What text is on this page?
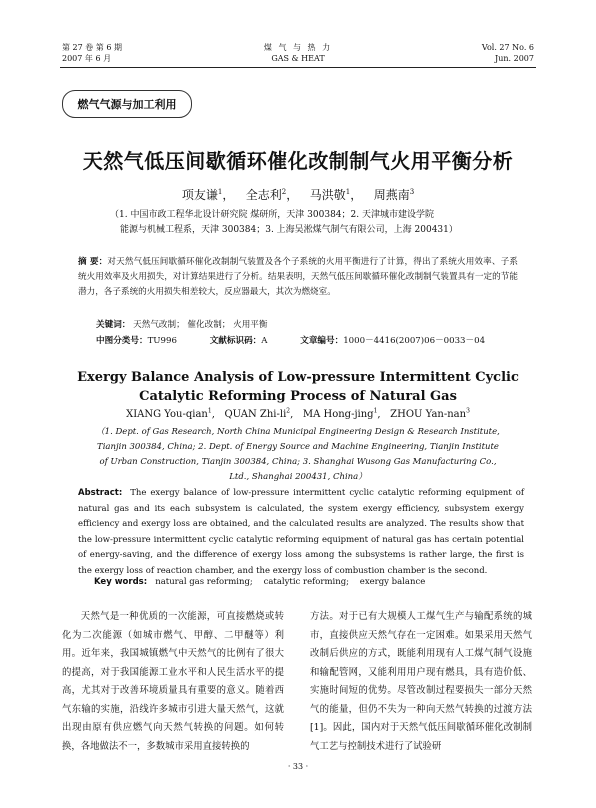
第 27 卷 第 6 期
2007 年 6 月
煤 气 与 热 力
GAS & HEAT
Vol. 27 No. 6
Jun. 2007
燃气气源与加工利用
天然气低压间歇循环催化改制制气火用平衡分析
项友谦$^1$，   全志利$^2$，   马洪敬$^1$，   周燕南$^3$
（1. 中国市政工程华北设计研究院 煤研所，天津 300384；2. 天津城市建设学院
能源与机械工程系，天津 300384；3. 上海吴淞煤气制气有限公司，上海 200431）
摘 要：对天然气低压间歇循环催化改制制气装置及各个子系统的火用平衡进行了计算，得出了系统火用效率、子系统火用效率及火用损失，对计算结果进行了分析。结果表明，天然气低压间歇循环催化改制制气装置具有一定的节能潜力，各子系统的火用损失相差较大，反应器最大，其次为燃烧室。
关键词： 天然气改制； 催化改制； 火用平衡
中图分类号：TU996	文献标识码：A	文章编号：1000－4416(2007)06－0033－04
Exergy Balance Analysis of Low-pressure Intermittent Cyclic Catalytic Reforming Process of Natural Gas
XIANG You-qian$^1$,   QUAN Zhi-$li^2$,   MA Hong-jing$^1$,   ZHOU Yan-nan$^3$
（1. Dept. of Gas Research, North China Municipal Engineering Design & Research Institute,
Tianjin 300384, China; 2. Dept. of Energy Source and Machine Engineering, Tianjin Institute
of Urban Construction, Tianjin 300384, China; 3. Shanghai Wusong Gas Manufacturing Co.,
Ltd., Shanghai 200431, China）
Abstract: The exergy balance of low-pressure intermittent cyclic catalytic reforming equipment of natural gas and its each subsystem is calculated, the system exergy efficiency, subsystem exergy efficiency and exergy loss are obtained, and the calculated results are analyzed. The results show that the low-pressure intermittent cyclic catalytic reforming equipment of natural gas has certain potential of energy-saving, and the difference of exergy loss among the subsystems is rather large, the first is the exergy loss of reaction chamber, and the exergy loss of combustion chamber is the second.
Key words: natural gas reforming;    catalytic reforming;    exergy balance
天然气是一种优质的一次能源，可直接燃烧或转化为二次能源（如城市燃气、甲醇、二甲醚等）利用。近年来，我国城镇燃气中天然气的比例有了很大的提高，对于我国能源工业水平和人民生活水平的提高，尤其对于改善环境质量具有重要的意义。随着西气东输的实施，沿线许多城市引进大量天然气，这就出现由原有供应燃气向天然气转换的问题。如何转换，各地做法不一，多数城市采用直接转换的
方法。对于已有大规模人工煤气生产与输配系统的城市，直接供应天然气存在一定困难。如果采用天然气改制后供应的方式，既能利用现有人工煤气制气设施和输配管网，又能利用用户现有燃具，具有造价低、实施时间短的优势。尽管改制过程要损失一部分天然气的能量，但仍不失为一种向天然气转换的过渡方法[1]。因此，国内对于天然气低压间歇循环催化改制制气工艺与控制技术进行了试验研
· 33 ·
